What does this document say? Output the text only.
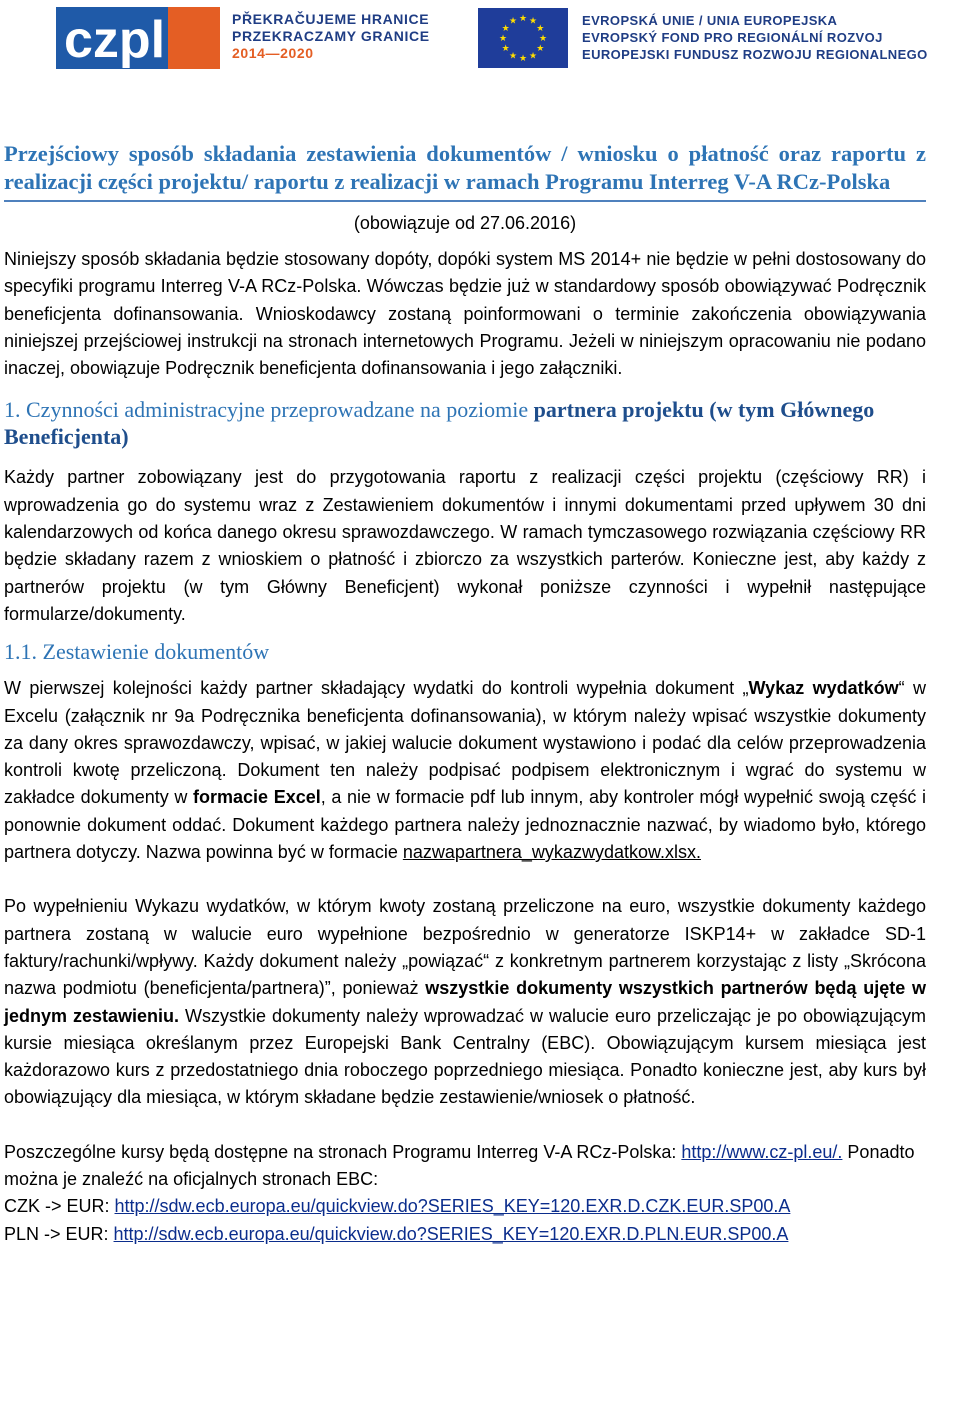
czpl	PŘEKRAČUJEME HRANICE
PRZEKRACZAMY GRANICE
2014—2020
★
★
★
★
★
★
★
★
★ ★ ★
★	EVROPSKÁ UNIE / UNIA EUROPEJSKA
EVROPSKÝ FOND PRO REGIONÁLNÍ ROZVOJ
EUROPEJSKI FUNDUSZ ROZWOJU REGIONALNEGO
Przejściowy sposób składania zestawienia dokumentów / wniosku o płatność oraz raportu z realizacji części projektu/ raportu z realizacji w ramach Programu Interreg V-A RCz-Polska
(obowiązuje od 27.06.2016)

Niniejszy sposób składania będzie stosowany dopóty, dopóki system MS 2014+ nie będzie w pełni dostosowany do specyfiki programu Interreg V-A RCz-Polska. Wówczas będzie już w standardowy sposób obowiązywać Podręcznik beneficjenta dofinansowania. Wnioskodawcy zostaną poinformowani o terminie zakończenia obowiązywania niniejszej przejściowej instrukcji na stronach internetowych Programu. Jeżeli w niniejszym opracowaniu nie podano inaczej, obowiązuje Podręcznik beneficjenta dofinansowania i jego załączniki.

1. Czynności administracyjne przeprowadzane na poziomie partnera projektu (w tym Głównego Beneficjenta)

Każdy partner zobowiązany jest do przygotowania raportu z realizacji części projektu (częściowy RR) i wprowadzenia go do systemu wraz z Zestawieniem dokumentów i innymi dokumentami przed upływem 30 dni kalendarzowych od końca danego okresu sprawozdawczego. W ramach tymczasowego rozwiązania częściowy RR będzie składany razem z wnioskiem o płatność i zbiorczo za wszystkich parterów. Konieczne jest, aby każdy z partnerów projektu (w tym Główny Beneficjent) wykonał poniższe czynności i wypełnił następujące formularze/dokumenty.

1.1. Zestawienie dokumentów

W pierwszej kolejności każdy partner składający wydatki do kontroli wypełnia dokument „Wykaz wydatków“ w Excelu (załącznik nr 9a Podręcznika beneficjenta dofinansowania), w którym należy wpisać wszystkie dokumenty za dany okres sprawozdawczy, wpisać, w jakiej walucie dokument wystawiono i podać dla celów przeprowadzenia kontroli kwotę przeliczoną. Dokument ten należy podpisać podpisem elektronicznym i wgrać do systemu w zakładce dokumenty w formacie Excel, a nie w formacie pdf lub innym, aby kontroler mógł wypełnić swoją część i ponownie dokument oddać. Dokument każdego partnera należy jednoznacznie nazwać, by wiadomo było, którego partnera dotyczy. Nazwa powinna być w formacie nazwapartnera_wykazwydatkow.xlsx.

Po wypełnieniu Wykazu wydatków, w którym kwoty zostaną przeliczone na euro, wszystkie dokumenty każdego partnera zostaną w walucie euro wypełnione bezpośrednio w generatorze ISKP14+ w zakładce SD-1 faktury/rachunki/wpływy. Każdy dokument należy „powiązać“ z konkretnym partnerem korzystając z listy „Skrócona nazwa podmiotu (beneficjenta/partnera)”, ponieważ wszystkie dokumenty wszystkich partnerów będą ujęte w jednym zestawieniu. Wszystkie dokumenty należy wprowadzać w walucie euro przeliczając je po obowiązującym kursie miesiąca określanym przez Europejski Bank Centralny (EBC). Obowiązującym kursem miesiąca jest każdorazowo kurs z przedostatniego dnia roboczego poprzedniego miesiąca. Ponadto konieczne jest, aby kurs był obowiązujący dla miesiąca, w którym składane będzie zestawienie/wniosek o płatność.

Poszczególne kursy będą dostępne na stronach Programu Interreg V-A RCz-Polska: http://www.cz-pl.eu/. Ponadto można je znaleźć na oficjalnych stronach EBC:
CZK -> EUR: http://sdw.ecb.europa.eu/quickview.do?SERIES_KEY=120.EXR.D.CZK.EUR.SP00.A
PLN -> EUR: http://sdw.ecb.europa.eu/quickview.do?SERIES_KEY=120.EXR.D.PLN.EUR.SP00.A
